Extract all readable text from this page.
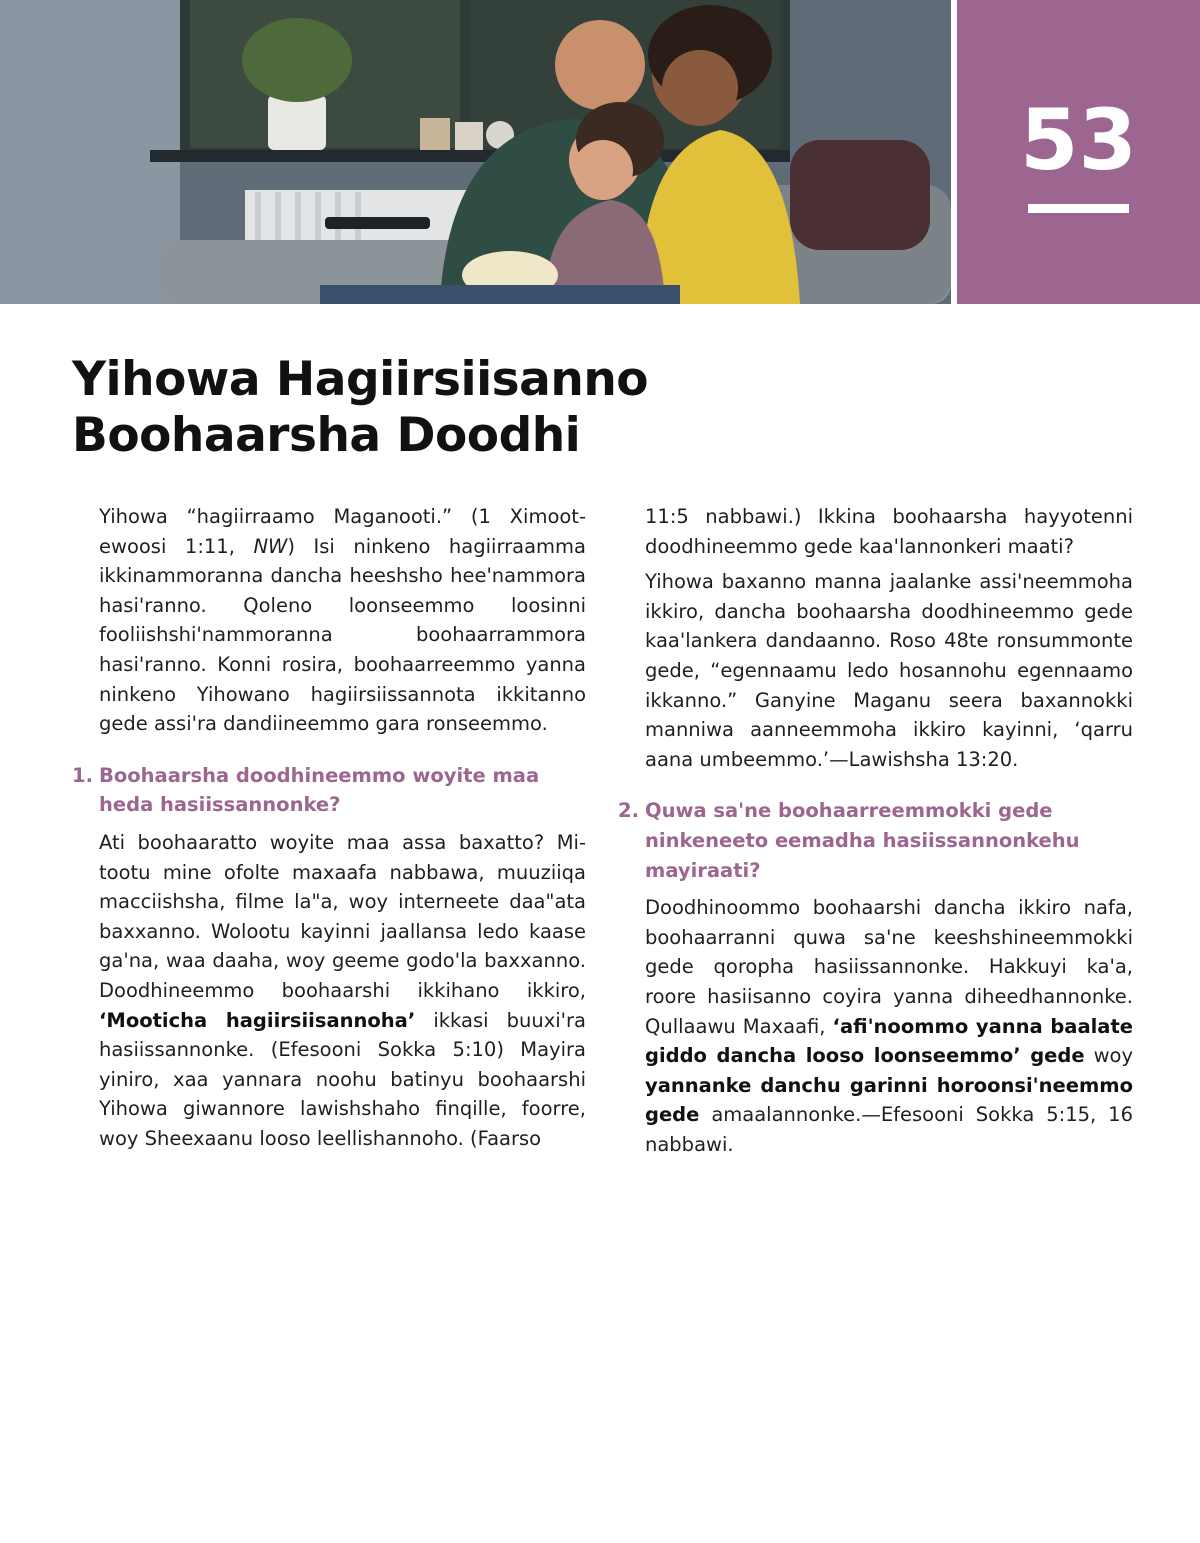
53
Yihowa Hagiirsiisanno
Boohaarsha Doodhi

Yihowa “hagiirraamo Maganooti.” (1 Ximootewoosi 1:11, NW) Isi ninkeno hagiirraamma ikkinammoranna dancha heeshsho hee'nammora hasi'ranno. Qoleno loonseemmo loosinni fooliishshi'nammoranna boohaarrammora hasi'ranno. Konni rosira, boohaarreemmo yanna ninkeno Yihowano hagiirsiissannota ikkitanno gede assi'ra dandiineemmo gara ronseemmo.

1. Boohaarsha doodhineemmo woyite maa heda hasiissannonke?

Ati boohaaratto woyite maa assa baxatto? Mitootu mine ofolte maxaafa nabbawa, muuziiqa macciishsha, filme la"a, woy interneete daa"ata baxxanno. Wolootu kayinni jaallansa ledo kaase ga'na, waa daaha, woy geeme godo'la baxxanno. Doodhineemmo boohaarshi ikkihano ikkiro, ‘Mooticha hagiirsiisannoha’ ikkasi buuxi'ra hasiissannonke. (Efesooni Sokka 5:10) Mayira yiniro, xaa yannara noohu batinyu boohaarshi Yihowa giwannore lawishshaho finqille, foorre, woy Sheexaanu looso leellishannoho. (Faarso

11:5 nabbawi.) Ikkina boohaarsha hayyotenni doodhineemmo gede kaa'lannonkeri maati?

Yihowa baxanno manna jaalanke assi'neemmoha ikkiro, dancha boohaarsha doodhineemmo gede kaa'lankera dandaanno. Roso 48te ronsummonte gede, “egennaamu ledo hosannohu egennaamo ikkanno.” Ganyine Maganu seera baxannokki manniwa aanneemmoha ikkiro kayinni, ‘qarru aana umbeemmo.’—Lawishsha 13:20.

2. Quwa sa'ne boohaarreemmokki gede ninkeneeto eemadha hasiissannonkehu mayiraati?

Doodhinoommo boohaarshi dancha ikkiro nafa, boohaarranni quwa sa'ne keeshshineemmokki gede qoropha hasiissannonke. Hakkuyi ka'a, roore hasiisanno coyira yanna diheedhannonke. Qullaawu Maxaafi, ‘afi'noommo yanna baalate giddo dancha looso loonseemmo’ gede woy yannanke danchu garinni horoonsi'neemmo gede amaalannonke.—Efesooni Sokka 5:15, 16 nabbawi.
